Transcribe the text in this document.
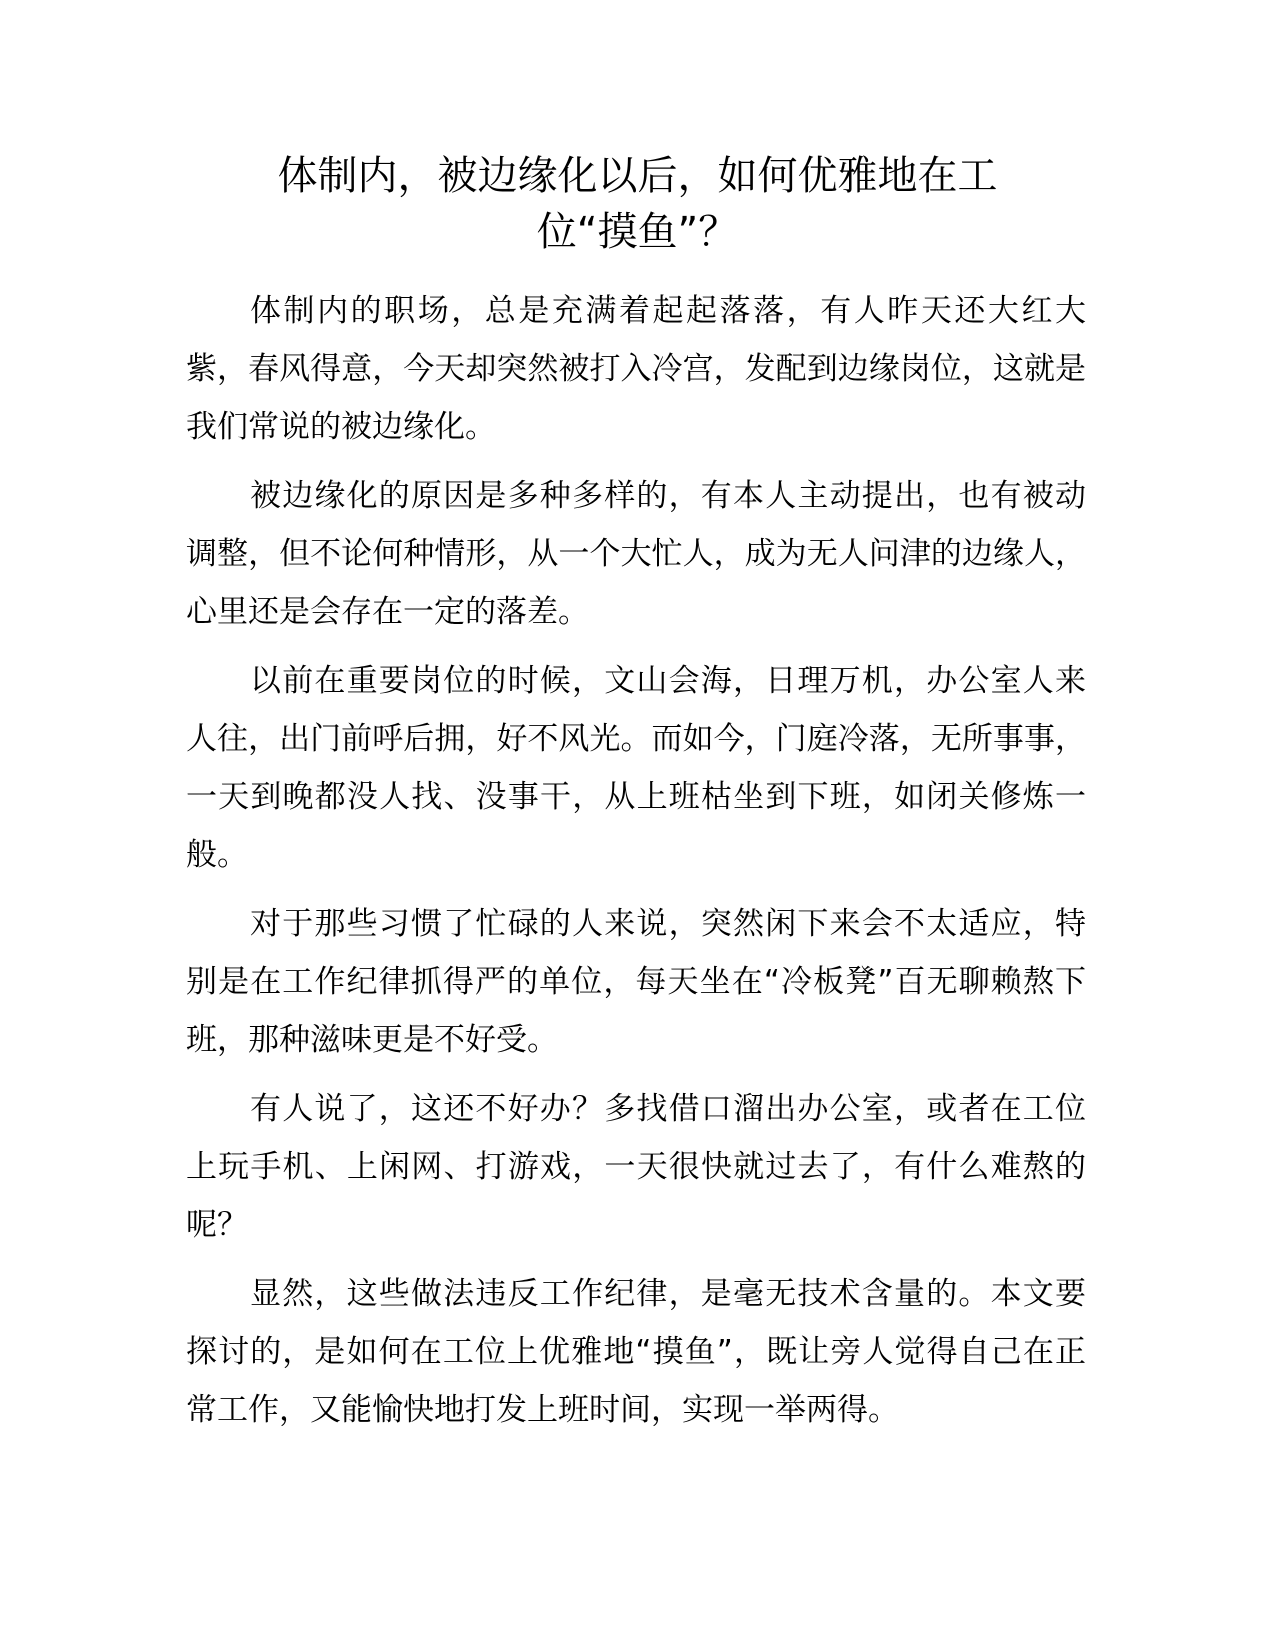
体制内，被边缘化以后，如何优雅地在工
位“摸鱼”？

体制内的职场，总是充满着起起落落，有人昨天还大红大紫，春风得意，今天却突然被打入冷宫，发配到边缘岗位，这就是我们常说的被边缘化。

被边缘化的原因是多种多样的，有本人主动提出，也有被动调整，但不论何种情形，从一个大忙人，成为无人问津的边缘人，心里还是会存在一定的落差。

以前在重要岗位的时候，文山会海，日理万机，办公室人来人往，出门前呼后拥，好不风光。而如今，门庭冷落，无所事事，一天到晚都没人找、没事干，从上班枯坐到下班，如闭关修炼一般。

对于那些习惯了忙碌的人来说，突然闲下来会不太适应，特别是在工作纪律抓得严的单位，每天坐在“冷板凳”百无聊赖熬下班，那种滋味更是不好受。

有人说了，这还不好办？多找借口溜出办公室，或者在工位上玩手机、上闲网、打游戏，一天很快就过去了，有什么难熬的呢？

显然，这些做法违反工作纪律，是毫无技术含量的。本文要探讨的，是如何在工位上优雅地“摸鱼”，既让旁人觉得自己在正常工作，又能愉快地打发上班时间，实现一举两得。
